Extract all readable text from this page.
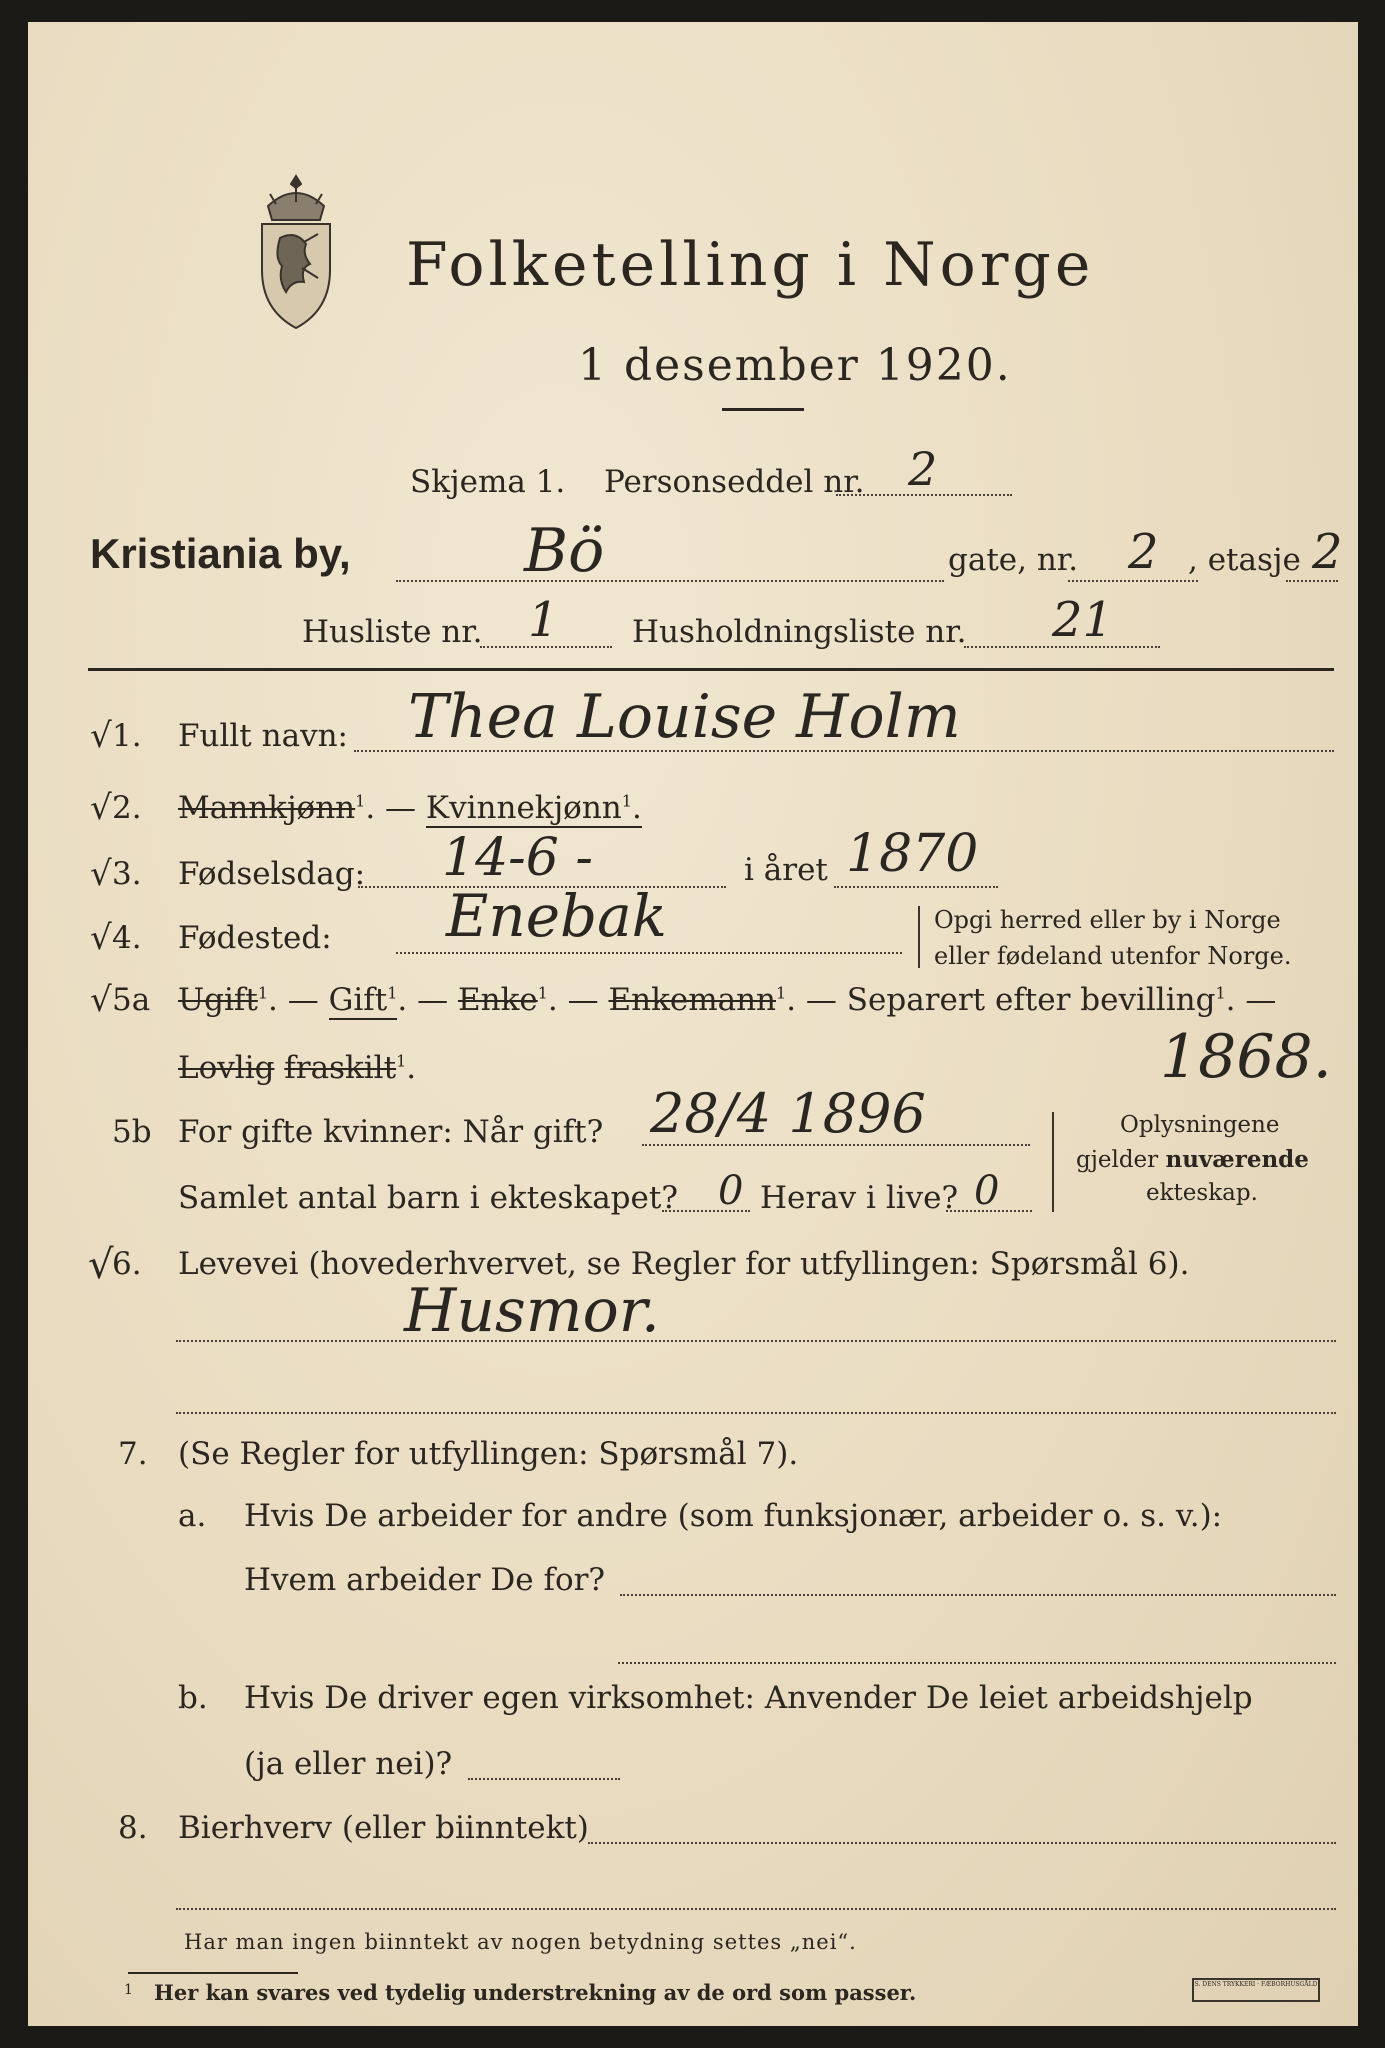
Folketelling i Norge
1 desember 1920.
Skjema 1. Personseddel nr. 2
Kristiania by,	Bö	gate, nr. 2 , etasje 2
Husliste nr. 1 Husholdningsliste nr. 21
√ 1. Fullt navn: Thea Louise Holm
√ 2. Mannkjønn$^1$. — Kvinnekjønn$^1$.
√ 3. Fødselsdag: 14-6 -	i året 1870
√ 4. Fødested: Enebak	Opgi herred eller by i Norge
eller fødeland utenfor Norge.
√ 5a Ugift$^1$. — Gift$^1$. — Enke$^1$. — Enkemann$^1$. — Separert efter bevilling$^1$. —
Lovlig fraskilt$^1$.	1868.
5b For gifte kvinner: Når gift? 28/4 1896
Samlet antal barn i ekteskapet? 0 Herav i live? 0
Oplysningene
gjelder nuværende
ekteskap.
√
6. Levevei (hovederhvervet, se Regler for utfyllingen: Spørsmål 6).
Husmor.
7. (Se Regler for utfyllingen: Spørsmål 7).
a. Hvis De arbeider for andre (som funksjonær, arbeider o. s. v.):
Hvem arbeider De for?
b. Hvis De driver egen virksomhet: Anvender De leiet arbeidshjelp
(ja eller nei)?
8. Bierhverv (eller biinntekt)
Har man ingen biinntekt av nogen betydning settes „nei“.
1 Her kan svares ved tydelig understrekning av de ord som passer.	S. DENS TRYKKERI · FÆBORHUSGÅLD
